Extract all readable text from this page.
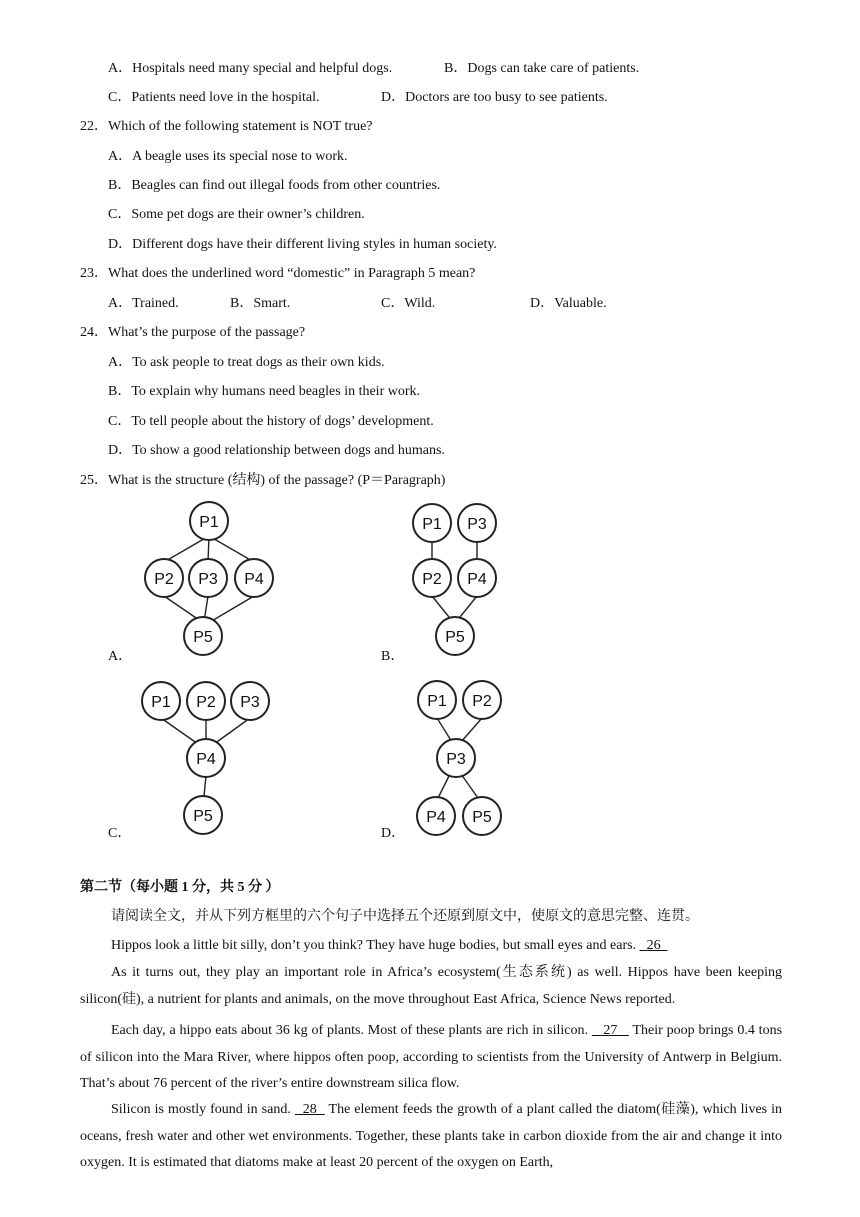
A．Hospitals need many special and helpful dogs.	B．Dogs can take care of patients.
C．Patients need love in the hospital.	D．Doctors are too busy to see patients.
22．Which of the following statement is NOT true?
A．A beagle uses its special nose to work.
B．Beagles can find out illegal foods from other countries.
C．Some pet dogs are their owner’s children.
D．Different dogs have their different living styles in human society.
23．What does the underlined word “domestic” in Paragraph 5 mean?
A．Trained.	B．Smart.	C．Wild.	D．Valuable.
24．What’s the purpose of the passage?
A．To ask people to treat dogs as their own kids.
B．To explain why humans need beagles in their work.
C．To tell people about the history of dogs’ development.
D．To show a good relationship between dogs and humans.
25．What is the structure (结构) of the passage? (P＝Paragraph)
A．	B．
C．	D．
P1
P2 P3 P4
P5
P1 P3
P2 P4
P5
P1 P2 P3
P4
P5
P1 P2
P3
P4 P5
第二节（每小题 1 分，共 5 分 ）
请阅读全文，并从下列方框里的六个句子中选择五个还原到原文中，使原文的意思完整、连贯。

Hippos look a little bit silly, don’t you think? They have huge bodies, but small eyes and ears.   26

As it turns out, they play an important role in Africa’s ecosystem(生态系统) as well. Hippos have been keeping silicon(硅), a nutrient for plants and animals, on the move throughout East Africa, Science News reported.

Each day, a hippo eats about 36 kg of plants. Most of these plants are rich in silicon.    27    Their poop brings 0.4 tons of silicon into the Mara River, where hippos often poop, according to scientists from the University of Antwerp in Belgium. That’s about 76 percent of the river’s entire downstream silica flow.

Silicon is mostly found in sand.   28   The element feeds the growth of a plant called the diatom(硅藻), which lives in oceans, fresh water and other wet environments. Together, these plants take in carbon dioxide from the air and change it into oxygen. It is estimated that diatoms make at least 20 percent of the oxygen on Earth,
